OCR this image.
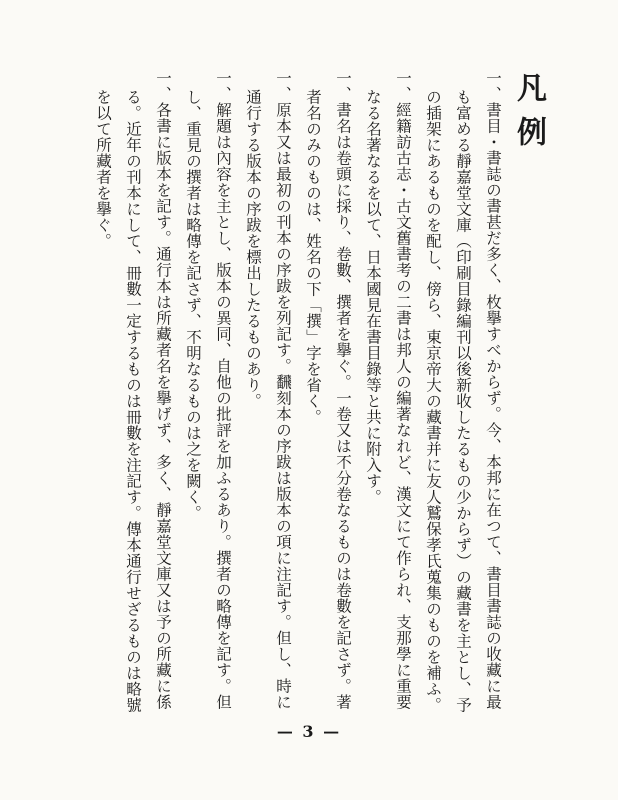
凡例

一、書目・書誌の書甚だ多く、枚擧すべからず。今、本邦に在つて、書目書誌の收藏に最も富める靜嘉堂文庫（印刷目錄編刊以後新收したるもの少からず）の藏書を主とし、予の插架にあるものを配し、傍ら、東京帝大の藏書并に友人鷲保孝氏蒐集のものを補ふ。

一、經籍訪古志・古文舊書考の二書は邦人の編著なれど、漢文にて作られ、支那學に重要なる名著なるを以て、日本國見在書目錄等と共に附入す。

一、書名は卷頭に採り、卷數、撰者を擧ぐ。一卷又は不分卷なるものは卷數を記さず。著者名のみのものは、姓名の下「撰」字を省く。

一、原本又は最初の刊本の序跋を列記す。飜刻本の序跋は版本の項に注記す。但し、時に通行する版本の序跋を標出したるものあり。

一、解題は內容を主とし、版本の異同、自他の批評を加ふるあり。撰者の略傳を記す。但し、重見の撰者は略傳を記さず、不明なるものは之を闕く。

一、各書に版本を記す。通行本は所藏者名を擧げず、多く、靜嘉堂文庫又は予の所藏に係る。近年の刊本にして、冊數一定するものは冊數を注記す。傳本通行せざるものは略號を以て所藏者を擧ぐ。

— 3 —
